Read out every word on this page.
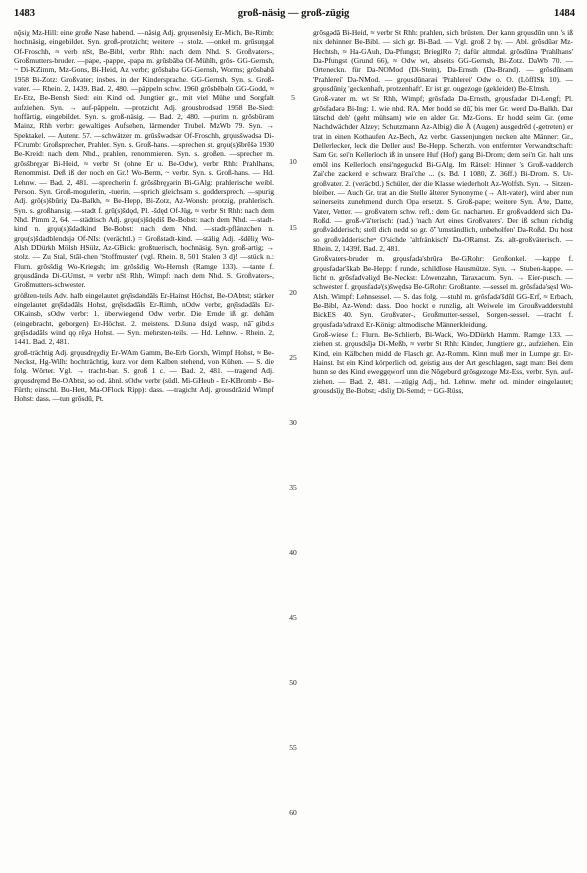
1483	groß-näsig — groß-zügig	1484

nǭsiχ Mz-Hill: eine große Nase habend. —näsig Adj. grǫusenēsiχ Er-Mich, Be-Rimb: hochnäsig, eingebildet. Syn. groß-protzicht; weitere → stolz. —onkel m. grūsuŋgəl Of-Froschh, ≈ verb nSt, Be-Bibl, verbr Rhh: nach dem Nhd. S. Großvaters-, Großmutters-bruder. —pape, -pappe, -papa m. grūsbābə Of-Mühlh, grōs- GG-Gernsh, ~ Di-KZimm, Mz-Gons, Bi-Heid, Az verbr; grōsbabə GG-Gernsh, Worms; grōsbabā 1958 Bi-Zotz: Großvater; insbes. in der Kindersprache. GG-Gernsh. Syn. s. Groß-vater. — Rhein. 2, 1439. Bad. 2, 480. —päppeln schw. 1960 grōsbēbəln GG-Godd, ≈ Er-Etz, Be-Bensh Sied: ein Kind od. Jungtier gr., mit viel Mühe und Sorgfalt aufziehen. Syn. → auf-päppeln. —protzicht Adj. grousbrodsəd 1958 Be-Sied: hoffärtig, eingebildet. Syn. s. groß-näsig. — Bad. 2, 480. —purim n. grōsbūrəm Mainz, Rhh verbr: gewaltiges Aufsehen, lärmender Trubel. MzWb 79. Syn. → Spektakel. — Autenr. 57. —schwätzer m. grūsšwədsər Of-Froschh, grǫusšwədsə Di-FCrumb: Großsprecher, Prahler. Syn. s. Groß-hans. —sprechen st. grǫu(s)šbrēšə 1930 Be-Kreid: nach dem Nhd., prahlen, renommieren. Syn. s. großen. —sprecher m. grōsšbręχər Bi-Heid, ≈ verbr St (ohne Er u. Be-Odw), verbr Rhh: Prahlhans, Renommist. Deß iß der noch en Gr.! Wo-Berm, ~ verbr. Syn. s. Groß-hans. — Hd. Lehnw. — Bad. 2, 481. —sprecherin f. grōsšbręχərin Bi-GAlg: prahlerische weibl. Person. Syn. Groß-mogulerin, -tuerin. —sprich gleichsam s. goddersprech. —spurig Adj. grō(s)šbūriχ Da-Balkh, ≈ Be-Hepp, Bi-Zotz, Az-Wonsh: protzig, prahlerisch. Syn. s. großhansig. —stadt f. grū(s)šdǫd, Pl. -šdęd Of-Jüg, ≈ verbr St Rhh: nach dem Nhd. Pimm 2, 64. —städtisch Adj. grǫu(s)šdędiš Be-Bobst: nach dem Nhd. —stadt-kind n. grǫu(s)šdadkind Be-Bobst: nach dem Nhd. —stadt-pflänzchen n. grǫu(s)šdadblendsjə Of-NIs: (verächtl.) = Großstadt-kind. —stälig Adj. -šdēliχ Wo-Alsh DDürkh Mölsh HSülz, Az-GBick: großtuerisch, hochnäsig. Syn. groß-artig; → stolz. — Zu Stal, Stāl-chen 'Stoffmuster' (vgl. Rhein. 8, 501 Stalen 3 d)! —stück n.: Flurn. grōsšdig Wo-Kriegsh; im grōsšdig Wo-Hernsh (Ramge 133). —tante f. grǫusdāndə Di-GUmst, ≈ verbr nSt Rhh, Wimpf: nach dem Nhd. S. Großvaters-, Großmutters-schwester.

größten-teils Adv. halb eingelautet grę̄isdəndāls Er-Hainst Höchst, Be-OAbtst; stärker eingelautet grę̄šdədāls Hohst, grę̄isdədāls Er-Rimh, nOdw verbr, grę̄isdədāls Er-OKainsb, sOdw verbr: 1. überwiegend Odw verbr. Die Ernde iß gr. dehām (eingebracht, geborgen) Er-Höchst. 2. meistens. D.šunə dsiχd wasp, nā̃ gibd.s grę̄isdədāls wind qǫ rēχə Hohst. — Syn. mehrsten-teils. — Hd. Lehnw. - Rhein. 2, 1441. Bad. 2, 481.

groß-trächtig Adj. grǫusdręχdiχ Er-WAm Gamm, Be-Erb Gorxh, Wimpf Hohst, ≈ Be-Neckst, Hg-Wilh: hochträchtig, kurz vor dem Kalben stehend, von Kühen. — S. die folg. Wörter. Vgl. → tracht-bar. S. groß 1 c. — Bad. 2, 481. —tragend Adj. grǫusdręmd Be-OAbtst, so od. ähnl. sOdw verbr (südl. Mi-GHeub - Er-KBromb - Be-Fürth; einschl. Bu-Hett, Ma-OFlock Ripp): dass. —tragicht Adj. grousdrāzid Wimpf Hohst: dass. —tun grōsdū, Pt.

grōsgədā Bi-Heid, ≈ verbr St Rhh: prahlen, sich brüsten. Der kann grǫusdūn unn 's iß nix dehinner Be-Bibl. — sich gr. Bi-Bad. — Vgl. groß 2 bγ. — Abl. grōsdūər Mz-Hechtsh, ≈ Ha-GAuh, Da-Pfungst; BrieglRo 7; dafür altmdal. grōsdūnə 'Prahlhans' Da-Pfungst (Grund 66), ≈ Odw wt, abseits GG-Gernsh, Bi-Zotz. DaWb 70. — Orteneckn. für Da-NOMod (Di-Stein), Da-Ernsth (Da-Brand). — grōsdūnəm 'Prahlerei' Da-NMod. — grǫusdūnəræi 'Prahlerei' Odw o. O. (LöffISk 10). — grǫusdūniχ 'geckenhaft, protzenhaft'. Er ist gr. ou̯gezoge (gekleidet) Be-Elmsh.

Groß-vater m. wt St Rhh, Wimpf; grōsfadə Da-Ernsth, grǫusfadər Di-Lengf; Pl. grōsfadərə Bi-Ing: 1. wie nhd. RA. Mer hodd se dū̃, bis mer Gr. werd Da-Balkh. Dar lätschd deh' (geht mühsam) wie en alder Gr. Mz-Gons. Er hodd seim Gr. (eme Nachdwächder Alzey; Schutzmann Az-Albig) die Ä (Augen) ausgedrēd (-getreten) er trat in einen Kothaufen Az-Bech, Az verbr. Gassenjungen necken alte Männer: Gr., Dellerlecker, leck die Deller aus! Be-Hepp. Scherzh. von entfernter Verwandtschaft: Sam Gr. sei'n Kellerloch iß in unsere Huf (Hof) gang Bi-Drom; dem sei'n Gr. halt uns emōl ins Kellerloch ensi'ngeguckd Bi-GAlg. Im Rätsel: Hinner 's Groß-vadderch Zai'che zackerd e schwarz Brai'che ... (s. Bd. I 1080, Z. 36ff.) Bi-Drom. S. Ur-großvater. 2. (veräcbtl.) Schüler, der die Klasse wiederholt Az-Wolfsh. Syn. → Sitzen-bleiber. — Auch Gr. trat an die Stelle älterer Synonyme (→ Alt-vater), wird aber nun seinerseits zunehmend durch Opa ersetzt. S. Groß-pape; weitere Syn. Äᵗte, Datte, Vater, Vetter. — großvatern schw. refl.: dem Gr. nacharten. Er großvadderd sich Da-Roßd. — groß-v'ä'terisch: (tad.) 'nach Art eines Großvaters'. Der iß schun richdig großvädderisch; stell dich nedd so gr. ō̃' 'umständlich, unbeholfen' Da-Roßd. Du host so großvädderischeⁿ O'sichde 'altfränkisch' Da-ORamst. Zs. alt-großväterisch. — Rhein. 2, 1439f. Bad. 2, 481.

Großvaters-bruder m. grǫusfadə'sbrūrə Be-GRohr: Großonkel. —kappe f. grǫusfadər'škab Be-Hepp: f runde, schildlose Hausmütze. Syn. → Stuben-kappe. —licht n. grōsfadvəliχd Be-Neckst: Löwenzahn, Taraxacum. Syn. → Eier-pusch. —schwester f. grǫusfadə'(s)šwędsə Be-GRohr: Großtante. —sessel m. grōsfadə'sęsl Wo-Alsh. Wimpf: Lehnsessel. — S. das folg. —stuhl m. grōsfadə'šdūl GG-Erf, ≈ Erbach, Be-Bibl, Az-Wend: dass. Doo hockt e runzlig, alt Weiwele im Groußvadderstuhl BickES 40. Syn. Großvater-, Großmutter-sessel, Sorgen-sessel. —tracht f. grǫusfadə'sdraxd Er-König: altmodische Männerkleidung.

Groß-wiese f.: Flurn. Be-Schlierb, Bi-Wack, Wo-DDürkh Hamm. Ramge 133. —ziehen st. grǫusdsījə Di-Meßb, ≈ verbr St Rhh: Kinder, Jungtiere gr., aufziehen. Ein Kind, ein Kälbchen midd de Flasch gr. Az-Romm. Kinn muß mer in Lumpe gr. Er-Hainst. Ist ein Kind körperlich od. geistig aus der Art geschlagen, sagt man: Bei dem hunn se des Kind ewegge̥worf unn die Nōgeburd grōsgezoge Mz-Ess, verbr. Syn. auf-ziehen. — Bad. 2, 481. —zügig Adj., hd. Lehnw. mehr od. minder eingelautet; grousdsī̜iχ Be-Bobst; -dsīiχ Di-Semd; ~ GG-Rüss,

5
10
15
20
25
30
35
40
45
50
55
60
